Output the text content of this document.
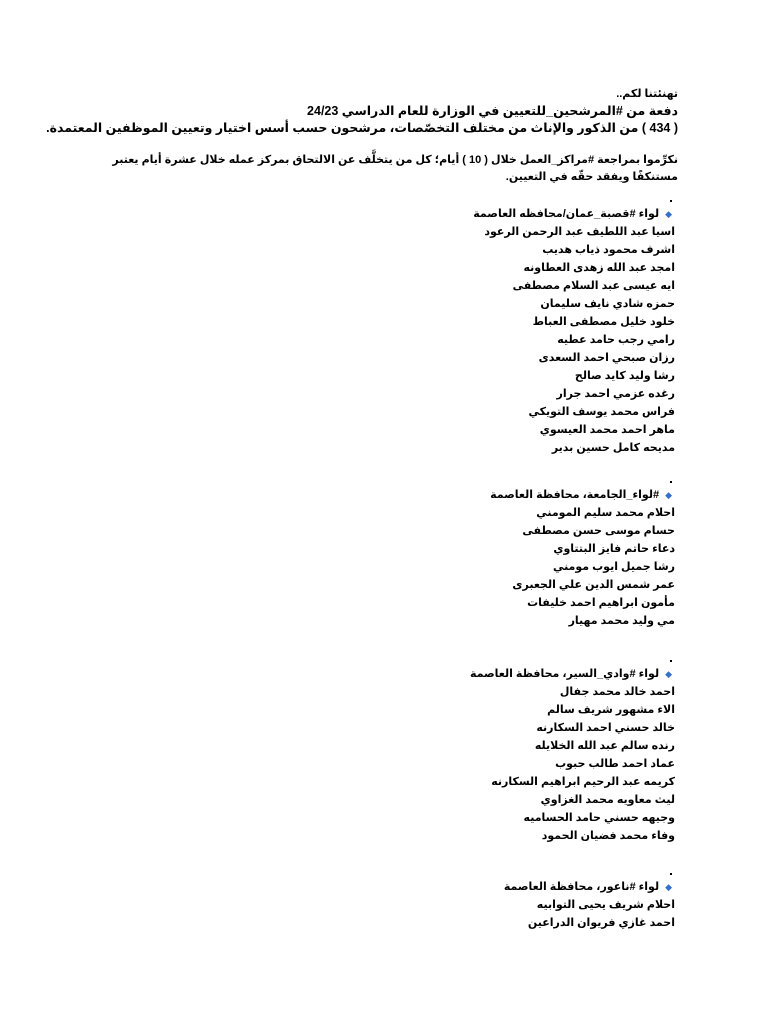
تهنئتنا لكم..
دفعة من #المرشحين_للتعيين في الوزارة للعام الدراسي 24/23
( 434 ) من الذكور والإناث من مختلف التخصّصات، مرشحون حسب أسس اختيار وتعيين الموظفين المعتمدة.
نكرِّموا بمراجعة #مراكز_العمل خلال ( 10 ) أيام؛ كل من يتخلَّف عن الالتحاق بمركز عمله خلال عشرة أيام يعتبر مستنكفًا ويفقد حقّه في التعيين.
◆
لواء #قصبة_عمان/محافظه العاصمة
اسيا عبد اللطيف عبد الرحمن الرعود
اشرف محمود ذياب هديب
امجد عبد الله زهدى العطاونه
ايه عيسى عبد السلام مصطفى
حمزه شادي نايف سليمان
خلود خليل مصطفى العباط
رامي رجب حامد عطيه
رزان صبحي احمد السعدى
رشا وليد كايد صالح
رغده عزمي احمد جرار
فراس محمد يوسف التويكي
ماهر احمد محمد العيسوي
مديحه كامل حسين بدير
◆
#لواء_الجامعة، محافظة العاصمة
احلام محمد سليم المومني
حسام موسى حسن مصطفى
دعاء حاتم فايز البتتاوي
رشا جميل ايوب مومني
عمر شمس الدين علي الجعبرى
مأمون ابراهيم احمد خليفات
مي وليد محمد مهيار
◆
لواء #وادي_السير، محافظة العاصمة
احمد خالد محمد جفال
الاء مشهور شريف سالم
خالد حسني احمد السكارنه
رنده سالم عبد الله الخلايله
عماد احمد طالب حبوب
كريمه عبد الرحيم ابراهيم السكارنه
ليث معاويه محمد الغزاوي
وجيهه حسني حامد الحساميه
وفاء محمد فضيان الحمود
◆
لواء #ناعور، محافظة العاصمة
احلام شريف يحيى التوابيه
احمد غازي فريوان الدراعين
